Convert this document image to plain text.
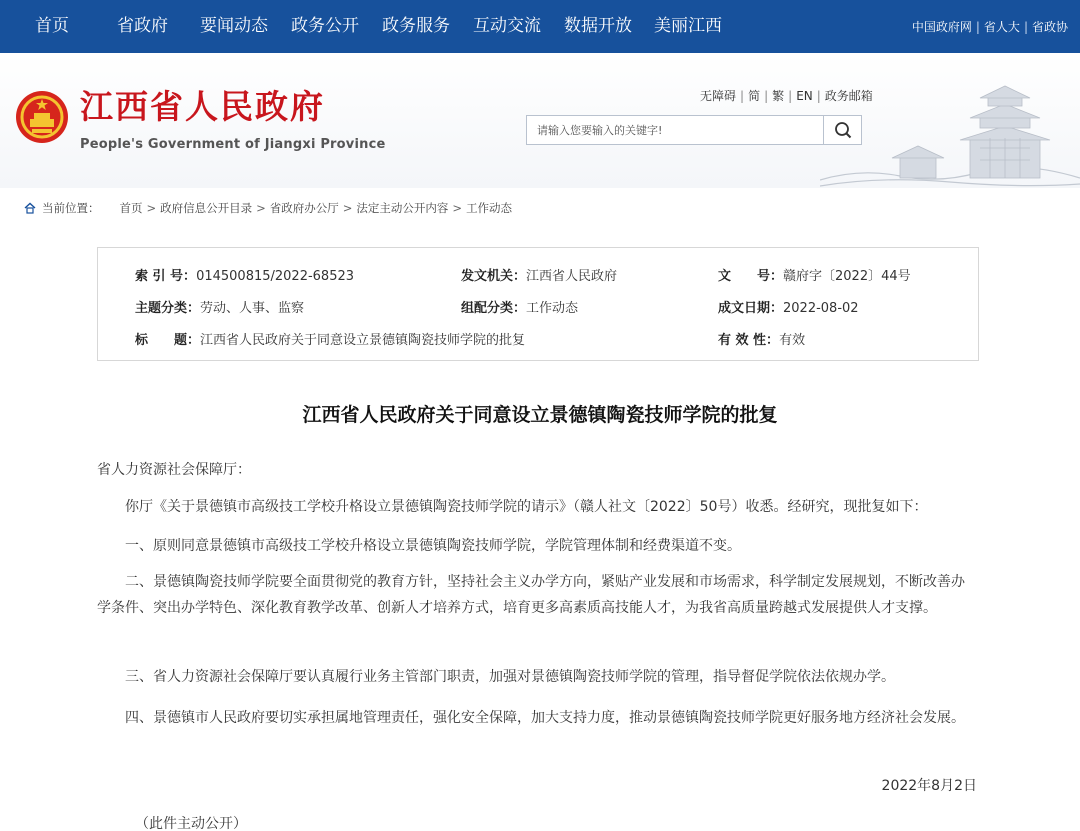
首页	省政府 要闻动态 政务公开 政务服务 互动交流 数据开放 美丽江西	中国政府网 | 省人大 | 省政协
江西省人民政府
People's Government of Jiangxi Province
无障碍 | 简 | 繁 | EN | 政务邮箱
请输入您要输入的关键字!
当前位置： 首页 > 政府信息公开目录 > 省政府办公厅 > 法定主动公开内容 > 工作动态
索 引 号：014500815/2022-68523	发文机关：江西省人民政府	文　　号：赣府字〔2022〕44号
主题分类：劳动、人事、监察	组配分类：工作动态	成文日期：2022-08-02
标　　题：江西省人民政府关于同意设立景德镇陶瓷技师学院的批复	有 效 性：有效
江西省人民政府关于同意设立景德镇陶瓷技师学院的批复

省人力资源社会保障厅：

你厅《关于景德镇市高级技工学校升格设立景德镇陶瓷技师学院的请示》（赣人社文〔2022〕50号）收悉。经研究，现批复如下：

一、原则同意景德镇市高级技工学校升格设立景德镇陶瓷技师学院，学院管理体制和经费渠道不变。

二、景德镇陶瓷技师学院要全面贯彻党的教育方针，坚持社会主义办学方向，紧贴产业发展和市场需求，科学制定发展规划，不断改善办学条件、突出办学特色、深化教育教学改革、创新人才培养方式，培育更多高素质高技能人才，为我省高质量跨越式发展提供人才支撑。

三、省人力资源社会保障厅要认真履行业务主管部门职责，加强对景德镇陶瓷技师学院的管理，指导督促学院依法依规办学。

四、景德镇市人民政府要切实承担属地管理责任，强化安全保障，加大支持力度，推动景德镇陶瓷技师学院更好服务地方经济社会发展。

2022年8月2日
（此件主动公开）
